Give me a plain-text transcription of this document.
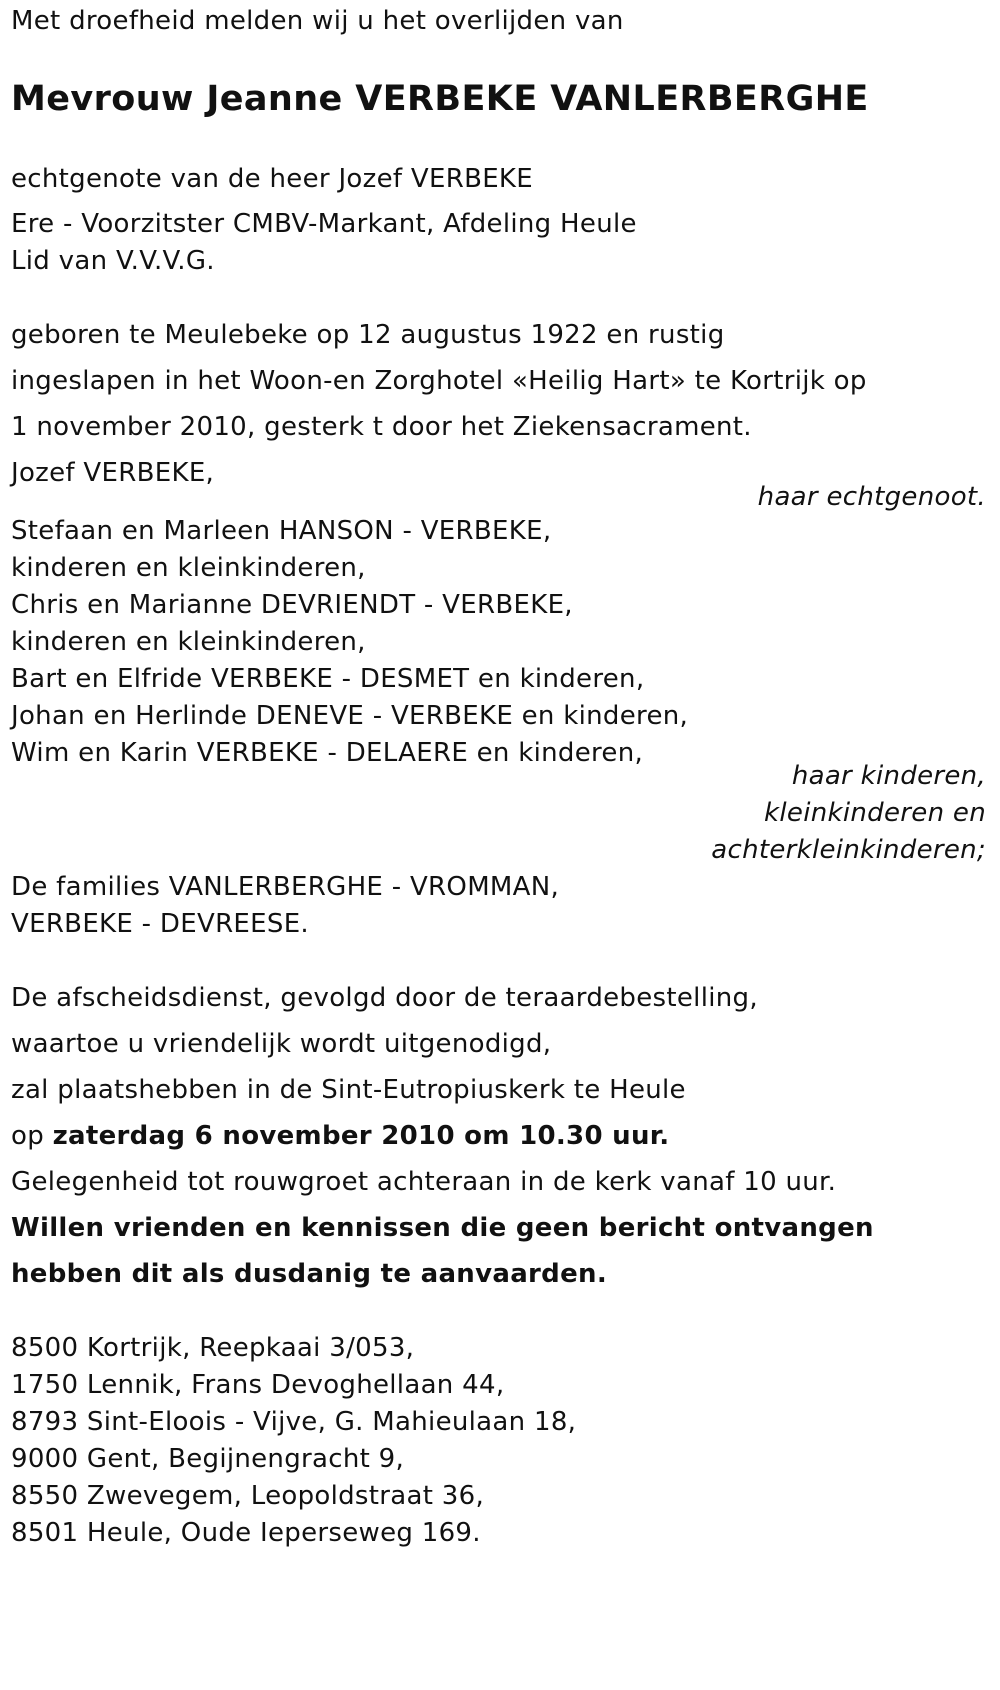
Met droefheid melden wij u het overlijden van
Mevrouw Jeanne VERBEKE VANLERBERGHE
echtgenote van de heer Jozef VERBEKE
Ere - Voorzitster CMBV-Markant, Afdeling Heule
Lid van V.V.V.G.
geboren te Meulebeke op 12 augustus 1922 en rustig
ingeslapen in het Woon-en Zorghotel «Heilig Hart» te Kortrijk op
1 november 2010, gesterk t door het Ziekensacrament.
Jozef VERBEKE,
haar echtgenoot.
Stefaan en Marleen HANSON - VERBEKE,
kinderen en kleinkinderen,
Chris en Marianne DEVRIENDT - VERBEKE,
kinderen en kleinkinderen,
Bart en Elfride VERBEKE - DESMET en kinderen,
Johan en Herlinde DENEVE - VERBEKE en kinderen,
Wim en Karin VERBEKE - DELAERE en kinderen,
haar kinderen,
kleinkinderen en
achterkleinkinderen;
De families VANLERBERGHE - VROMMAN,
VERBEKE - DEVREESE.
De afscheidsdienst, gevolgd door de teraardebestelling,
waartoe u vriendelijk wordt uitgenodigd,
zal plaatshebben in de Sint-Eutropiuskerk te Heule
op zaterdag 6 november 2010 om 10.30 uur.
Gelegenheid tot rouwgroet achteraan in de kerk vanaf 10 uur.
Willen vrienden en kennissen die geen bericht ontvangen
hebben dit als dusdanig te aanvaarden.
8500 Kortrijk, Reepkaai 3/053,
1750 Lennik, Frans Devoghellaan 44,
8793 Sint-Eloois - Vijve, G. Mahieulaan 18,
9000 Gent, Begijnengracht 9,
8550 Zwevegem, Leopoldstraat 36,
8501 Heule, Oude Ieperseweg 169.
